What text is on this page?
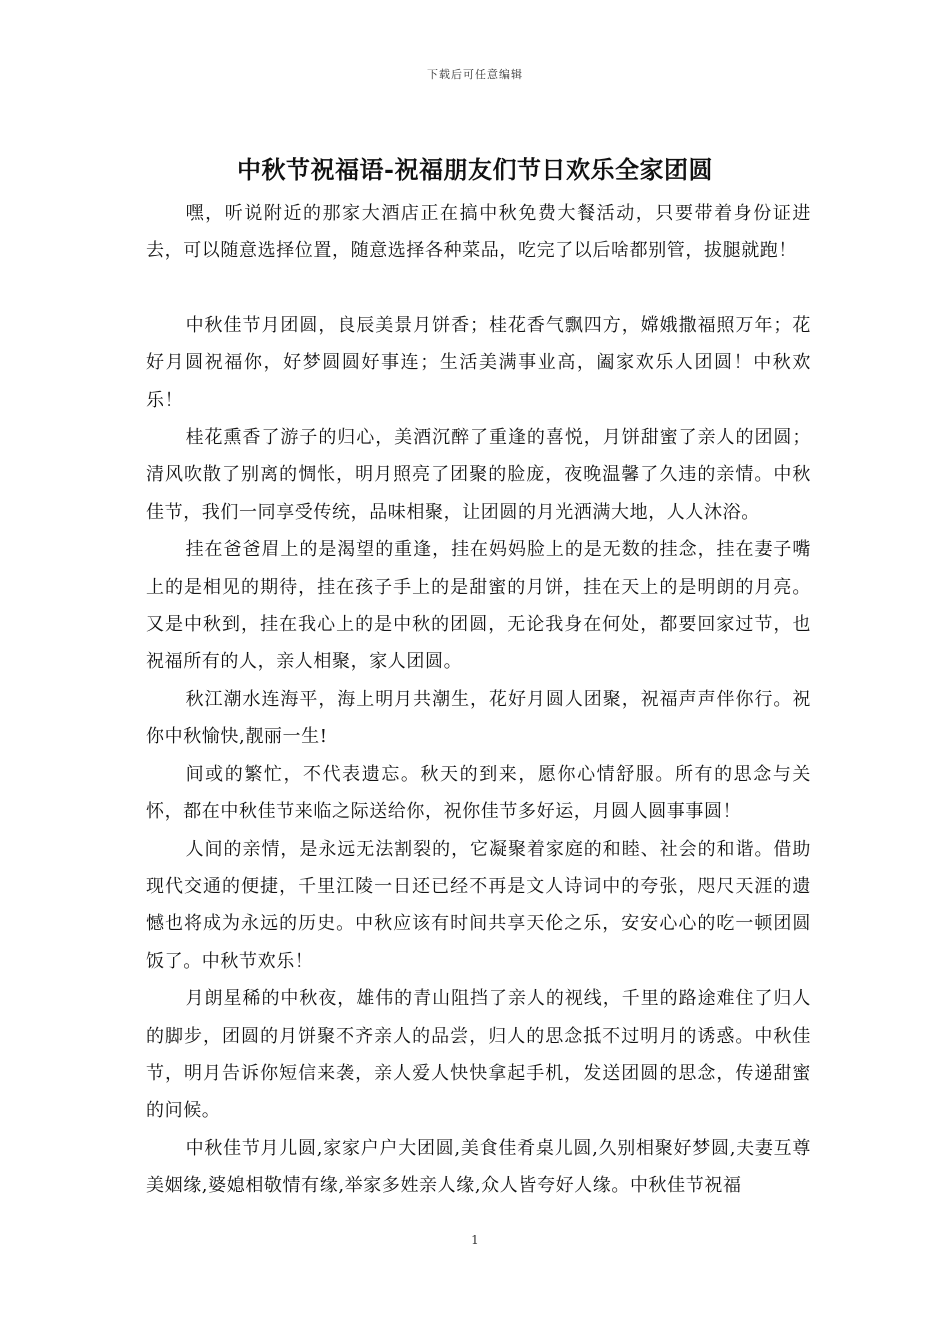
下载后可任意编辑
中秋节祝福语-祝福朋友们节日欢乐全家团圆

嘿，听说附近的那家大酒店正在搞中秋免费大餐活动，只要带着身份证进去，可以随意选择位置，随意选择各种菜品，吃完了以后啥都别管，拔腿就跑！

中秋佳节月团圆，良辰美景月饼香；桂花香气飘四方，嫦娥撒福照万年；花好月圆祝福你，好梦圆圆好事连；生活美满事业高，阖家欢乐人团圆！中秋欢乐！

桂花熏香了游子的归心，美酒沉醉了重逢的喜悦，月饼甜蜜了亲人的团圆；清风吹散了别离的惆怅，明月照亮了团聚的脸庞，夜晚温馨了久违的亲情。中秋佳节，我们一同享受传统，品味相聚，让团圆的月光洒满大地，人人沐浴。

挂在爸爸眉上的是渴望的重逢，挂在妈妈脸上的是无数的挂念，挂在妻子嘴上的是相见的期待，挂在孩子手上的是甜蜜的月饼，挂在天上的是明朗的月亮。又是中秋到，挂在我心上的是中秋的团圆，无论我身在何处，都要回家过节，也祝福所有的人，亲人相聚，家人团圆。

秋江潮水连海平，海上明月共潮生，花好月圆人团聚，祝福声声伴你行。祝你中秋愉快,靓丽一生!

间或的繁忙，不代表遗忘。秋天的到来，愿你心情舒服。所有的思念与关怀，都在中秋佳节来临之际送给你，祝你佳节多好运，月圆人圆事事圆！

人间的亲情，是永远无法割裂的，它凝聚着家庭的和睦、社会的和谐。借助现代交通的便捷，千里江陵一日还已经不再是文人诗词中的夸张，咫尺天涯的遗憾也将成为永远的历史。中秋应该有时间共享天伦之乐，安安心心的吃一顿团圆饭了。中秋节欢乐！

月朗星稀的中秋夜，雄伟的青山阻挡了亲人的视线，千里的路途难住了归人的脚步，团圆的月饼聚不齐亲人的品尝，归人的思念抵不过明月的诱惑。中秋佳节，明月告诉你短信来袭，亲人爱人快快拿起手机，发送团圆的思念，传递甜蜜的问候。

中秋佳节月儿圆,家家户户大团圆,美食佳肴桌儿圆,久别相聚好梦圆,夫妻互尊美姻缘,婆媳相敬情有缘,举家多姓亲人缘,众人皆夸好人缘。中秋佳节祝福

1
